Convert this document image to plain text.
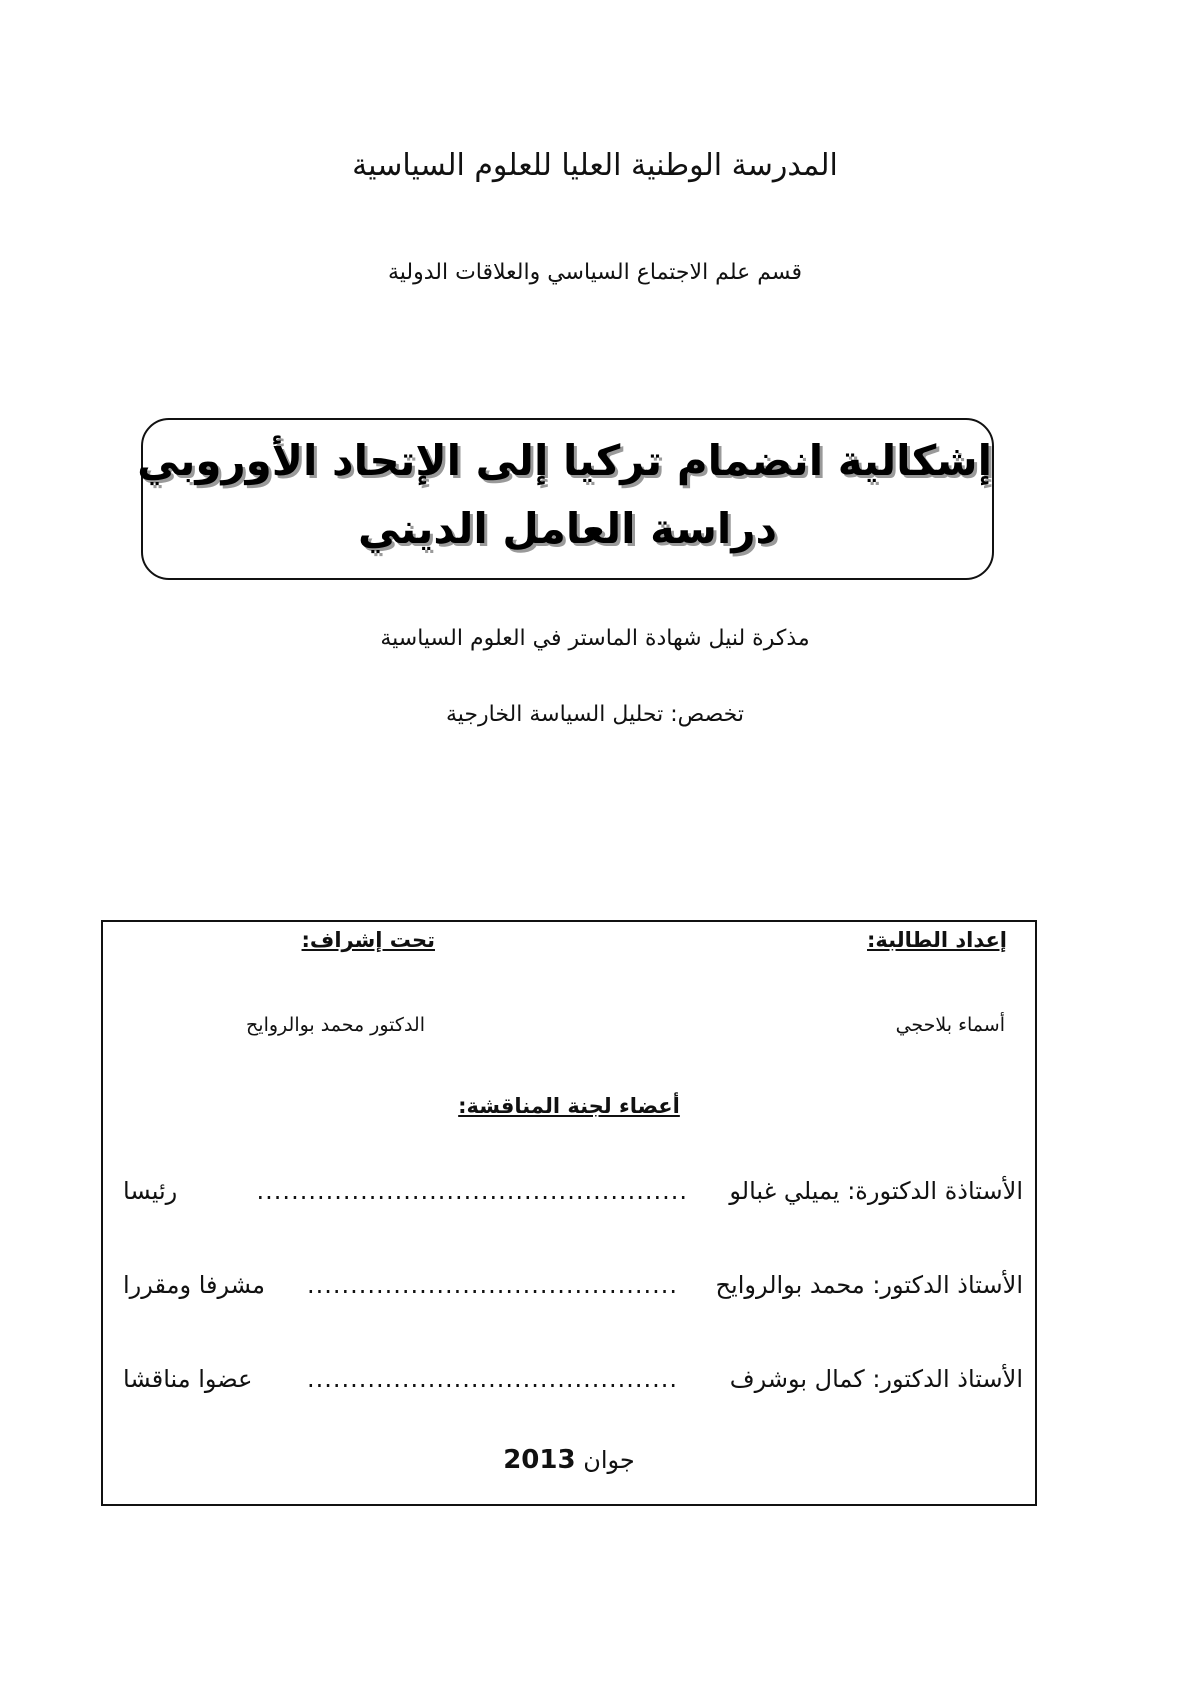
المدرسة الوطنية العليا للعلوم السياسية
قسم علم الاجتماع السياسي والعلاقات الدولية
إشكالية انضمام تركيا إلى الإتحاد الأوروبي
دراسة العامل الديني
مذكرة لنيل شهادة الماستر في العلوم السياسية
تخصص: تحليل السياسة الخارجية
إعداد الطالبة:
تحت إشراف:
أسماء بلاحجي
الدكتور محمد بوالروايح
أعضاء لجنة المناقشة:
الأستاذة الدكتورة: يميلي غبالو
..................................................
رئيسا
الأستاذ الدكتور: محمد بوالروايح
...........................................
مشرفا ومقررا
الأستاذ الدكتور: كمال بوشرف
...........................................
عضوا مناقشا
جوان 2013
